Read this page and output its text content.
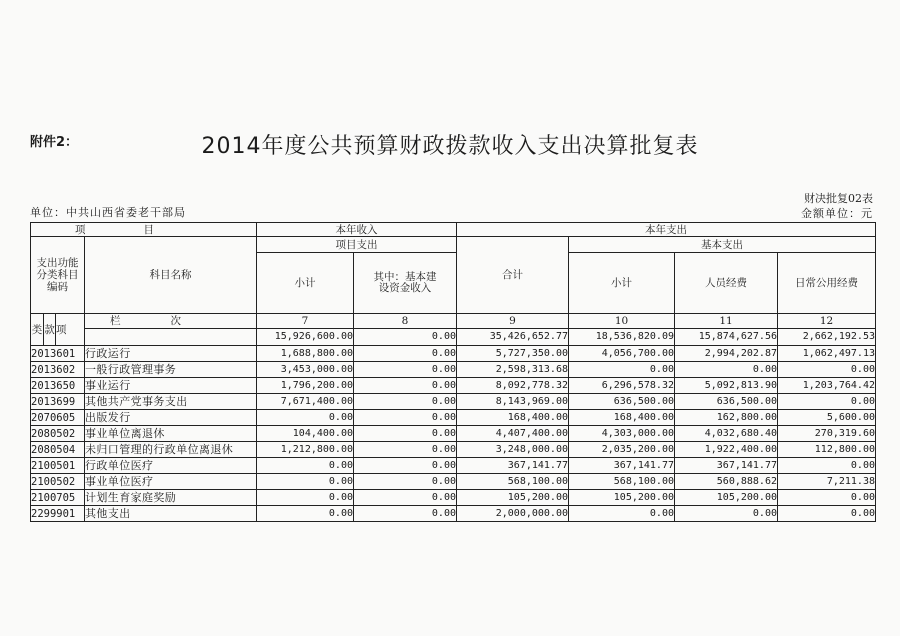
附件2：	2014年度公共预算财政拨款收入支出决算批复表
财决批复02表
单位：中共山西省委老干部局	金额单位：元
项目				本年收入		本年支出			
支出功能分类科目编码			科目名称	项目支出		合计	基本支出		
				小计	其中：基本建设资金收入		小计	人员经费	日常公用经费
类	款	项	栏次	7	8	9	10	11	12
				15,926,600.00	0.00	35,426,652.77	18,536,820.09	15,874,627.56	2,662,192.53
2013601			行政运行	1,688,800.00	0.00	5,727,350.00	4,056,700.00	2,994,202.87	1,062,497.13
2013602			一般行政管理事务	3,453,000.00	0.00	2,598,313.68	0.00	0.00	0.00
2013650			事业运行	1,796,200.00	0.00	8,092,778.32	6,296,578.32	5,092,813.90	1,203,764.42
2013699			其他共产党事务支出	7,671,400.00	0.00	8,143,969.00	636,500.00	636,500.00	0.00
2070605			出版发行	0.00	0.00	168,400.00	168,400.00	162,800.00	5,600.00
2080502			事业单位离退休	104,400.00	0.00	4,407,400.00	4,303,000.00	4,032,680.40	270,319.60
2080504			未归口管理的行政单位离退休	1,212,800.00	0.00	3,248,000.00	2,035,200.00	1,922,400.00	112,800.00
2100501			行政单位医疗	0.00	0.00	367,141.77	367,141.77	367,141.77	0.00
2100502			事业单位医疗	0.00	0.00	568,100.00	568,100.00	560,888.62	7,211.38
2100705			计划生育家庭奖励	0.00	0.00	105,200.00	105,200.00	105,200.00	0.00
2299901			其他支出	0.00	0.00	2,000,000.00	0.00	0.00	0.00
